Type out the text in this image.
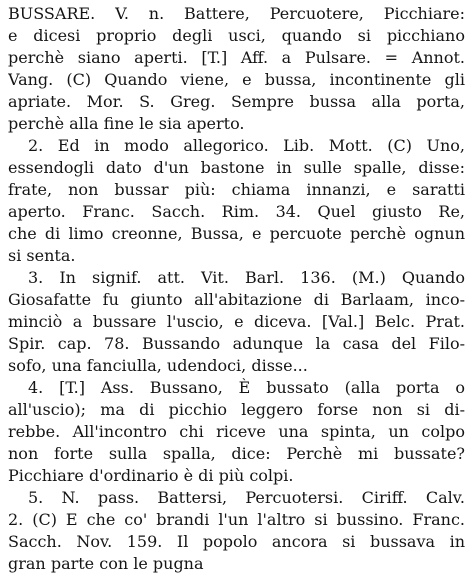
BUSSARE. V. n. Battere, Percuotere, Picchiare:
e dicesi proprio degli usci, quando si picchiano
perchè siano aperti. [T.] Aff. a Pulsare. = Annot.
Vang. (C) Quando viene, e bussa, incontinente gli
apriate. Mor. S. Greg. Sempre bussa alla porta,
perchè alla fine le sia aperto.
2. Ed in modo allegorico. Lib. Mott. (C) Uno,
essendogli dato d'un bastone in sulle spalle, disse:
frate, non bussar più: chiama innanzi, e saratti
aperto. Franc. Sacch. Rim. 34. Quel giusto Re,
che di limo creonne, Bussa, e percuote perchè ognun
si senta.
3. In signif. att. Vit. Barl. 136. (M.) Quando
Giosafatte fu giunto all'abitazione di Barlaam, inco-
minciò a bussare l'uscio, e diceva. [Val.] Belc. Prat.
Spir. cap. 78. Bussando adunque la casa del Filo-
sofo, una fanciulla, udendoci, disse...
4. [T.] Ass. Bussano, È bussato (alla porta o
all'uscio); ma di picchio leggero forse non si di-
rebbe. All'incontro chi riceve una spinta, un colpo
non forte sulla spalla, dice: Perchè mi bussate?
Picchiare d'ordinario è di più colpi.
5. N. pass. Battersi, Percuotersi. Ciriff. Calv.
2. (C) E che co' brandi l'un l'altro si bussino. Franc.
Sacch. Nov. 159. Il popolo ancora si bussava in
gran parte con le pugna
